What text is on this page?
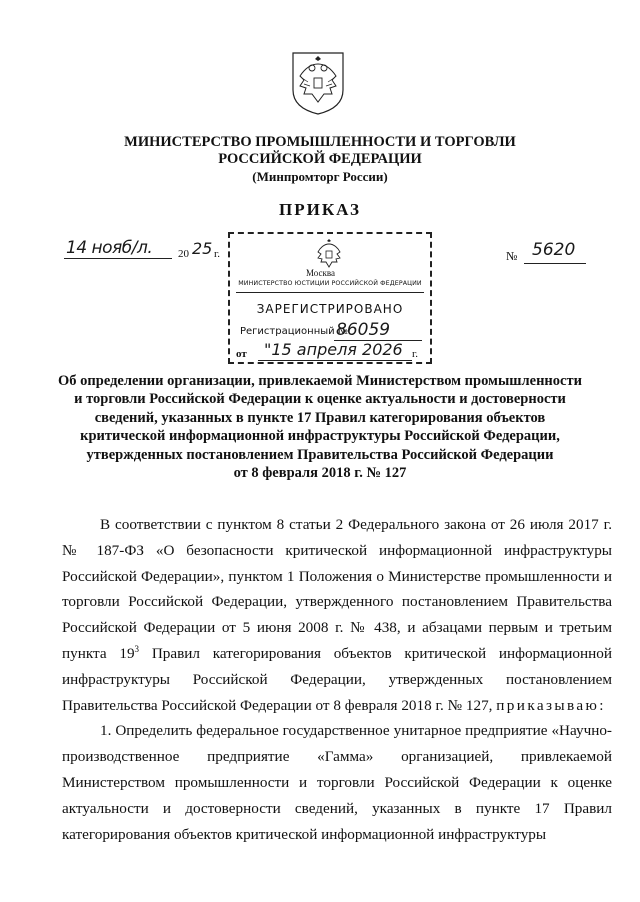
МИНИСТЕРСТВО ПРОМЫШЛЕННОСТИ И ТОРГОВЛИ
РОССИЙСКОЙ ФЕДЕРАЦИИ
(Минпромторг России)
ПРИКАЗ
14 нояб/л. 20 25 г.	№ 5620
Москва
МИНИСТЕРСТВО ЮСТИЦИИ РОССИЙСКОЙ ФЕДЕРАЦИИ
ЗАРЕГИСТРИРОВАНО
Регистрационный №
86059
от "15 апреля 2026 г.
Об определении организации, привлекаемой Министерством промышленности
и торговли Российской Федерации к оценке актуальности и достоверности
сведений, указанных в пункте 17 Правил категорирования объектов
критической информационной инфраструктуры Российской Федерации,
утвержденных постановлением Правительства Российской Федерации
от 8 февраля 2018 г. № 127

В соответствии с пунктом 8 статьи 2 Федерального закона от 26 июля 2017 г. № 187-ФЗ «О безопасности критической информационной инфраструктуры Российской Федерации», пунктом 1 Положения о Министерстве промышленности и торговли Российской Федерации, утвержденного постановлением Правительства Российской Федерации от 5 июня 2008 г. № 438, и абзацами первым и третьим пункта $19^3$ Правил категорирования объектов критической информационной инфраструктуры Российской Федерации, утвержденных постановлением Правительства Российской Федерации от 8 февраля 2018 г. № 127, приказываю:

1. Определить федеральное государственное унитарное предприятие «Научно-производственное предприятие «Гамма» организацией, привлекаемой Министерством промышленности и торговли Российской Федерации к оценке актуальности и достоверности сведений, указанных в пункте 17 Правил категорирования объектов критической информационной инфраструктуры
